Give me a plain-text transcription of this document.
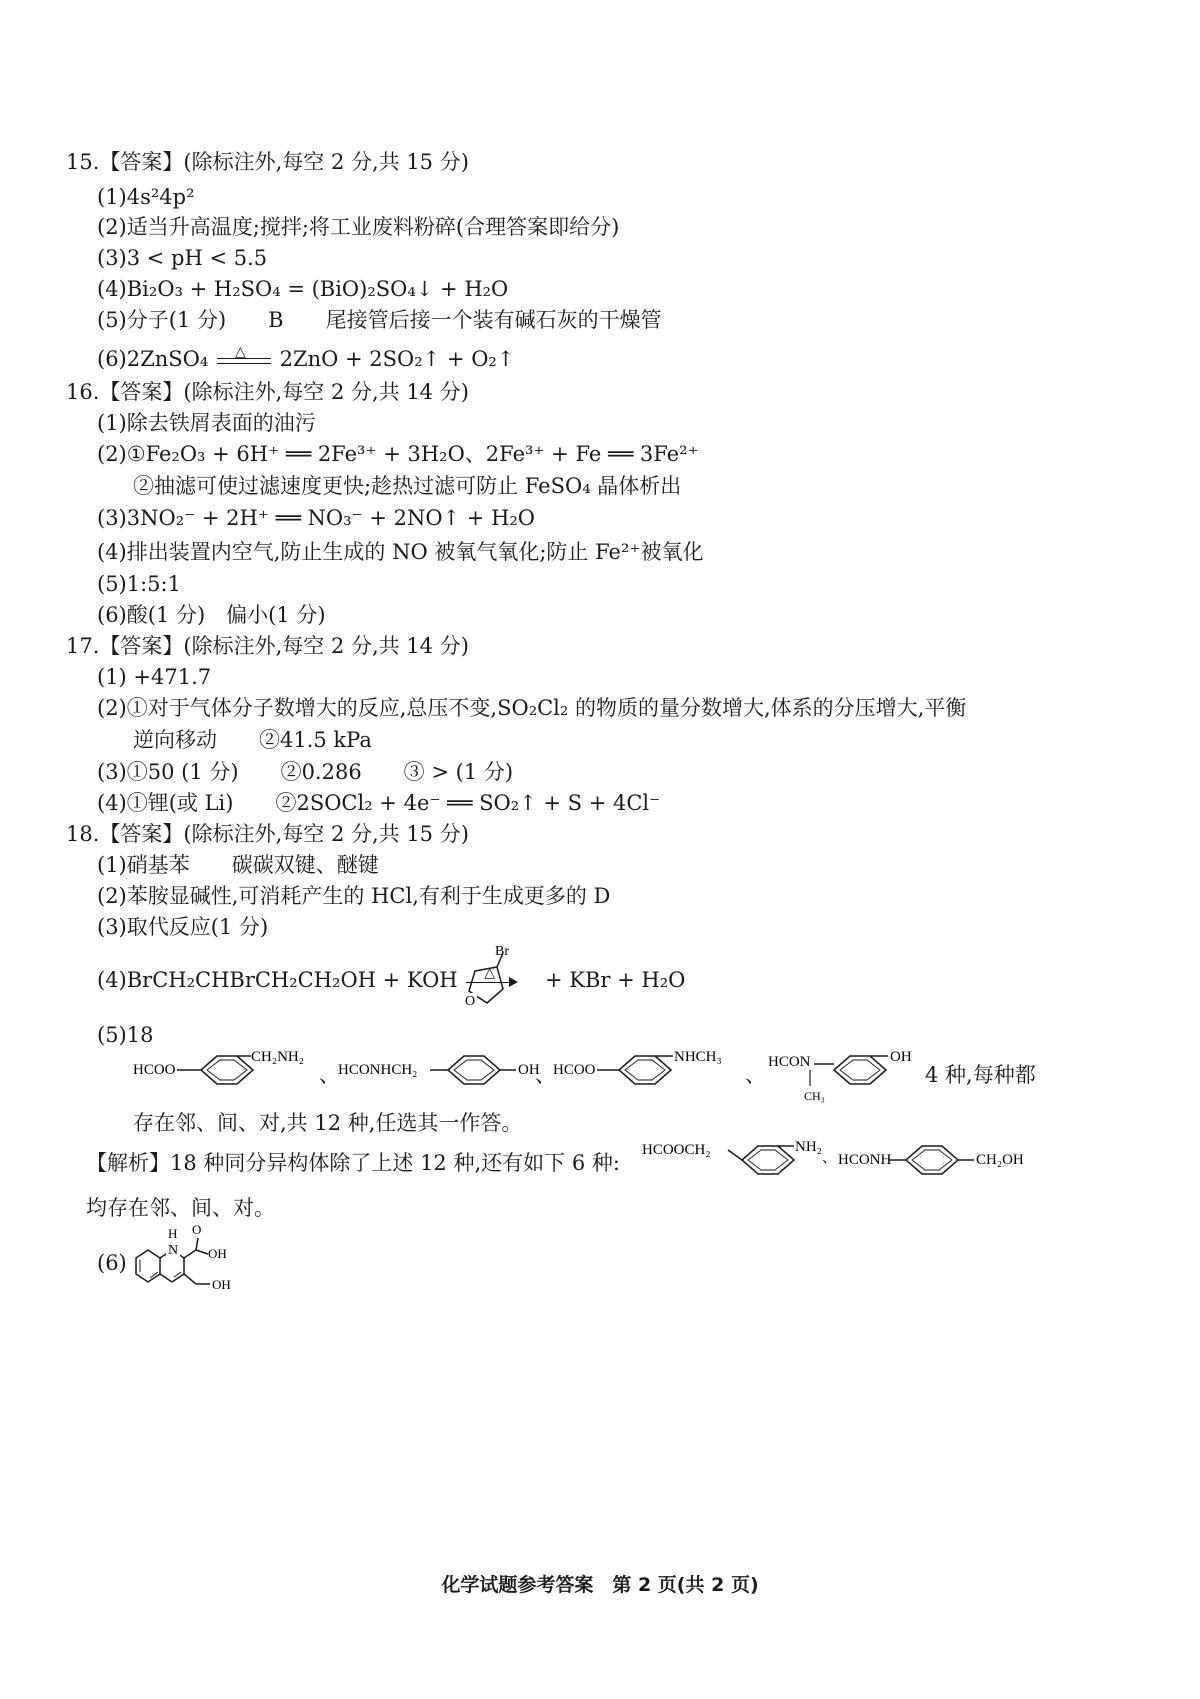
15.【答案】(除标注外,每空 2 分,共 15 分)
(1)4s²4p²
(2)适当升高温度;搅拌;将工业废料粉碎(合理答案即给分)
(3)3 < pH < 5.5
(4)Bi₂O₃ + H₂SO₄ = (BiO)₂SO₄↓ + H₂O
(5)分子(1 分)　　B　　尾接管后接一个装有碱石灰的干燥管
(6)2ZnSO₄ △ 2ZnO + 2SO₂↑ + O₂↑
16.【答案】(除标注外,每空 2 分,共 14 分)
(1)除去铁屑表面的油污
(2)①Fe₂O₃ + 6H⁺ ══ 2Fe³⁺ + 3H₂O、2Fe³⁺ + Fe ══ 3Fe²⁺
②抽滤可使过滤速度更快;趁热过滤可防止 FeSO₄ 晶体析出
(3)3NO₂⁻ + 2H⁺ ══ NO₃⁻ + 2NO↑ + H₂O
(4)排出装置内空气,防止生成的 NO 被氧气氧化;防止 Fe²⁺被氧化
(5)1:5:1
(6)酸(1 分)　偏小(1 分)
17.【答案】(除标注外,每空 2 分,共 14 分)
(1) +471.7
(2)①对于气体分子数增大的反应,总压不变,SO₂Cl₂ 的物质的量分数增大,体系的分压增大,平衡
逆向移动　　②41.5 kPa
(3)①50 (1 分)　　②0.286　　③ > (1 分)
(4)①锂(或 Li)　　②2SOCl₂ + 4e⁻ ══ SO₂↑ + S + 4Cl⁻
18.【答案】(除标注外,每空 2 分,共 15 分)
(1)硝基苯　　碳碳双键、醚键
(2)苯胺显碱性,可消耗产生的 HCl,有利于生成更多的 D
(3)取代反应(1 分)
(4)BrCH₂CHBrCH₂CH₂OH + KOH △
Br
O
+ KBr + H₂O
(5)18
HCOO
CH₂NH₂
、
HCONHCH₂	OH
、
HCOO
NHCH₃
、
HCON
CH₃
OH
4 种,每种都
存在邻、间、对,共 12 种,任选其一作答。
【解析】18 种同分异构体除了上述 12 种,还有如下 6 种:
HCOOCH₂	NH₂
、 HCONH	CH₂OH
均存在邻、间、对。
(6)
N
H O
OH
OH
化学试题参考答案　第 2 页(共 2 页)
